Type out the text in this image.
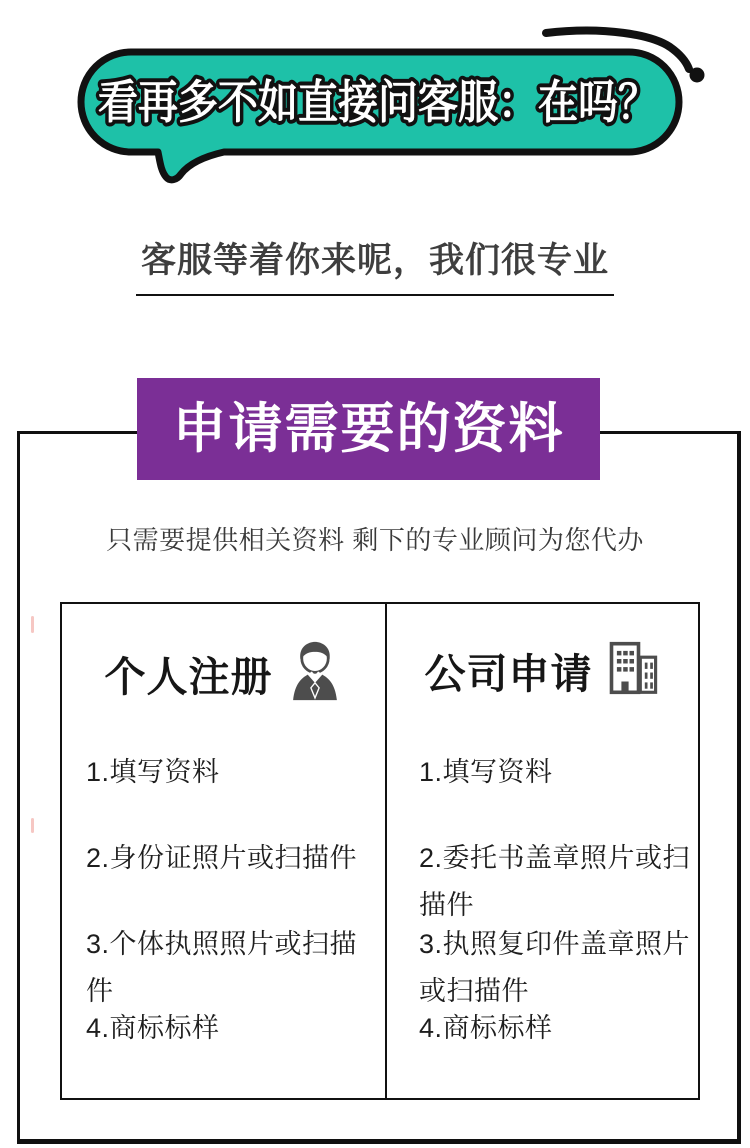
看再多不如直接问客服：在吗？
客服等着你来呢，我们很专业
申请需要的资料
只需要提供相关资料 剩下的专业顾问为您代办
个人注册
1.填写资料
2.身份证照片或扫描件
3.个体执照照片或扫描件
4.商标标样
公司申请
1.填写资料
2.委托书盖章照片或扫描件
3.执照复印件盖章照片或扫描件
4.商标标样
